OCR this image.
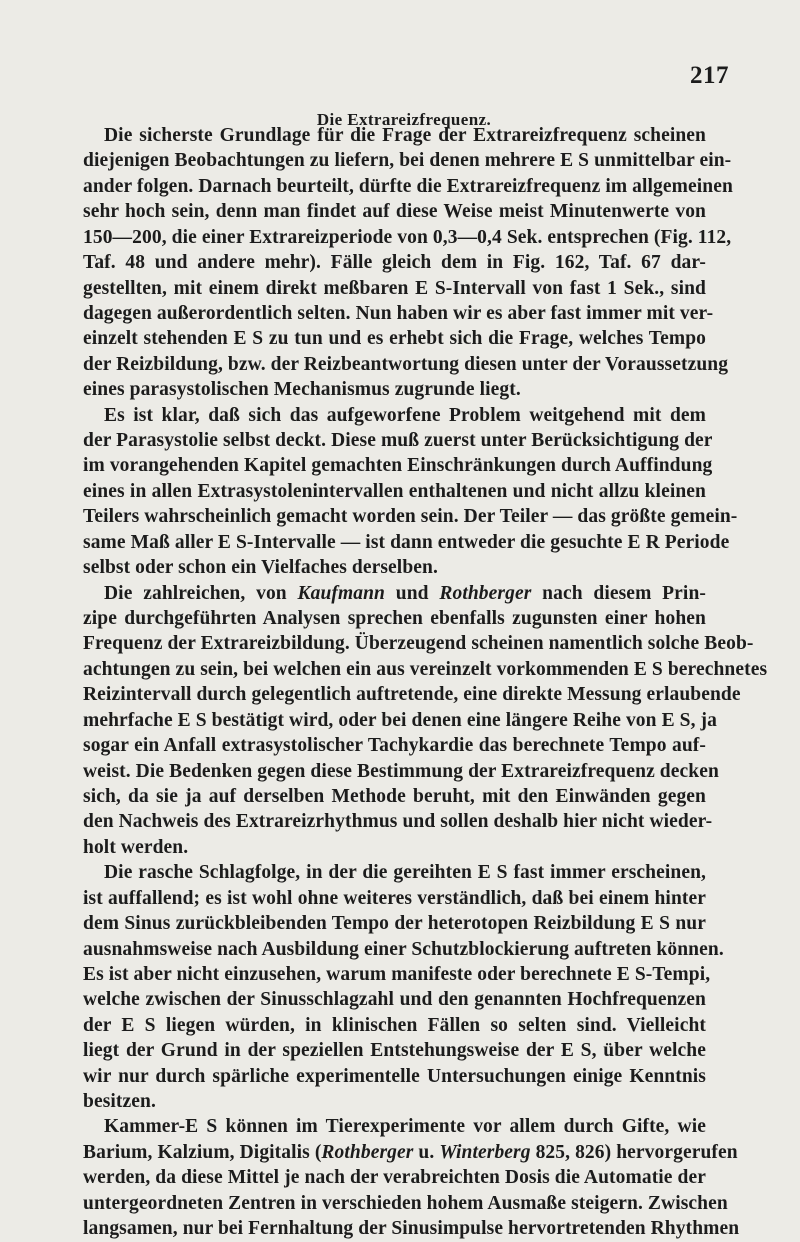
217
Die Extrareizfrequenz.
Die sicherste Grundlage für die Frage der Extrareizfrequenz scheinen
diejenigen Beobachtungen zu liefern, bei denen mehrere E S unmittelbar ein-
ander folgen. Darnach beurteilt, dürfte die Extrareizfrequenz im allgemeinen
sehr hoch sein, denn man findet auf diese Weise meist Minutenwerte von
150—200, die einer Extrareizperiode von 0,3—0,4 Sek. entsprechen (Fig. 112,
Taf. 48 und andere mehr). Fälle gleich dem in Fig. 162, Taf. 67 dar-
gestellten, mit einem direkt meßbaren E S-Intervall von fast 1 Sek., sind
dagegen außerordentlich selten. Nun haben wir es aber fast immer mit ver-
einzelt stehenden E S zu tun und es erhebt sich die Frage, welches Tempo
der Reizbildung, bzw. der Reizbeantwortung diesen unter der Voraussetzung
eines parasystolischen Mechanismus zugrunde liegt.
Es ist klar, daß sich das aufgeworfene Problem weitgehend mit dem
der Parasystolie selbst deckt. Diese muß zuerst unter Berücksichtigung der
im vorangehenden Kapitel gemachten Einschränkungen durch Auffindung
eines in allen Extrasystolenintervallen enthaltenen und nicht allzu kleinen
Teilers wahrscheinlich gemacht worden sein. Der Teiler — das größte gemein-
same Maß aller E S-Intervalle — ist dann entweder die gesuchte E R Periode
selbst oder schon ein Vielfaches derselben.
Die zahlreichen, von Kaufmann und Rothberger nach diesem Prin-
zipe durchgeführten Analysen sprechen ebenfalls zugunsten einer hohen
Frequenz der Extrareizbildung. Überzeugend scheinen namentlich solche Beob-
achtungen zu sein, bei welchen ein aus vereinzelt vorkommenden E S berechnetes
Reizintervall durch gelegentlich auftretende, eine direkte Messung erlaubende
mehrfache E S bestätigt wird, oder bei denen eine längere Reihe von E S, ja
sogar ein Anfall extrasystolischer Tachykardie das berechnete Tempo auf-
weist. Die Bedenken gegen diese Bestimmung der Extrareizfrequenz decken
sich, da sie ja auf derselben Methode beruht, mit den Einwänden gegen
den Nachweis des Extrareizrhythmus und sollen deshalb hier nicht wieder-
holt werden.
Die rasche Schlagfolge, in der die gereihten E S fast immer erscheinen,
ist auffallend; es ist wohl ohne weiteres verständlich, daß bei einem hinter
dem Sinus zurückbleibenden Tempo der heterotopen Reizbildung E S nur
ausnahmsweise nach Ausbildung einer Schutzblockierung auftreten können.
Es ist aber nicht einzusehen, warum manifeste oder berechnete E S-Tempi,
welche zwischen der Sinusschlagzahl und den genannten Hochfrequenzen
der E S liegen würden, in klinischen Fällen so selten sind. Vielleicht
liegt der Grund in der speziellen Entstehungsweise der E S, über welche
wir nur durch spärliche experimentelle Untersuchungen einige Kenntnis
besitzen.
Kammer-E S können im Tierexperimente vor allem durch Gifte, wie
Barium, Kalzium, Digitalis (Rothberger u. Winterberg 825, 826) hervorgerufen
werden, da diese Mittel je nach der verabreichten Dosis die Automatie der
untergeordneten Zentren in verschieden hohem Ausmaße steigern. Zwischen
langsamen, nur bei Fernhaltung der Sinusimpulse hervortretenden Rhythmen
